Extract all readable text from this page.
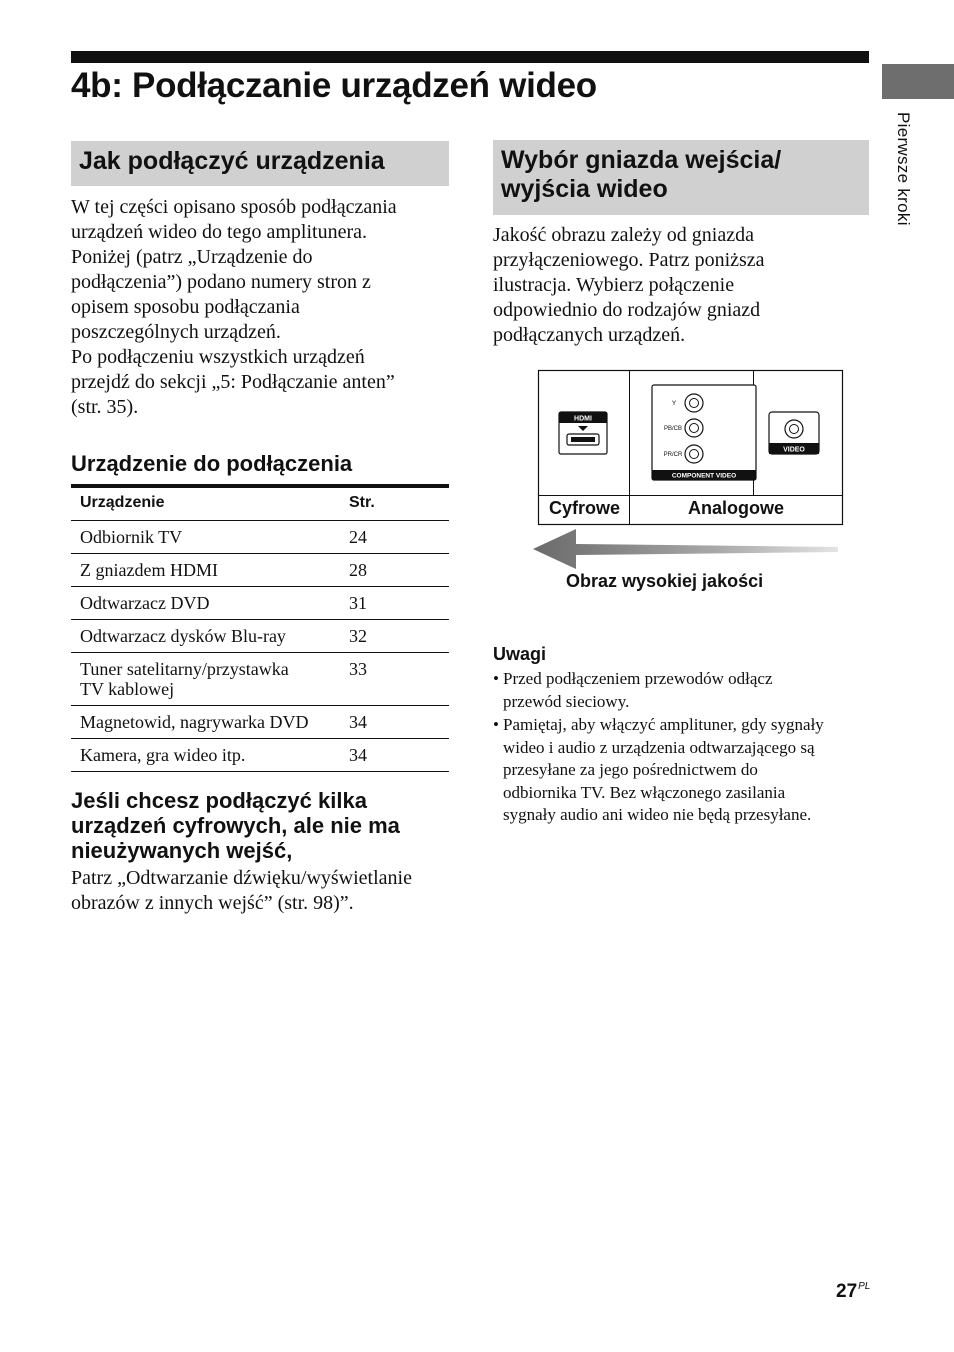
4b: Podłączanie urządzeń wideo
Pierwsze kroki
Jak podłączyć urządzenia
W tej części opisano sposób podłączania
urządzeń wideo do tego amplitunera.
Poniżej (patrz „Urządzenie do
podłączenia”) podano numery stron z
opisem sposobu podłączania
poszczególnych urządzeń.
Po podłączeniu wszystkich urządzeń
przejdź do sekcji „5: Podłączanie anten”
(str. 35).
Urządzenie do podłączenia
Urządzenie	Str.
Odbiornik TV	24
Z gniazdem HDMI	28
Odtwarzacz DVD	31
Odtwarzacz dysków Blu-ray	32

Tuner satelitarny/przystawka
TV kablowej	33
Magnetowid, nagrywarka DVD	34
Kamera, gra wideo itp.	34
Jeśli chcesz podłączyć kilka
urządzeń cyfrowych, ale nie ma
nieużywanych wejść,
Patrz „Odtwarzanie dźwięku/wyświetlanie
obrazów z innych wejść” (str. 98)”.
Wybór gniazda wejścia/
wyjścia wideo
Jakość obrazu zależy od gniazda
przyłączeniowego. Patrz poniższa
ilustracja. Wybierz połączenie
odpowiednio do rodzajów gniazd
podłączanych urządzeń.
HDMI
Y
PB/CB
PR/CR
COMPONENT VIDEO
VIDEO
Cyfrowe	Analogowe
Obraz wysokiej jakości
Uwagi
• Przed podłączeniem przewodów odłącz
przewód sieciowy.
• Pamiętaj, aby włączyć amplituner, gdy sygnały
wideo i audio z urządzenia odtwarzającego są
przesyłane za jego pośrednictwem do
odbiornika TV. Bez włączonego zasilania
sygnały audio ani wideo nie będą przesyłane.
$27^{PL}$
